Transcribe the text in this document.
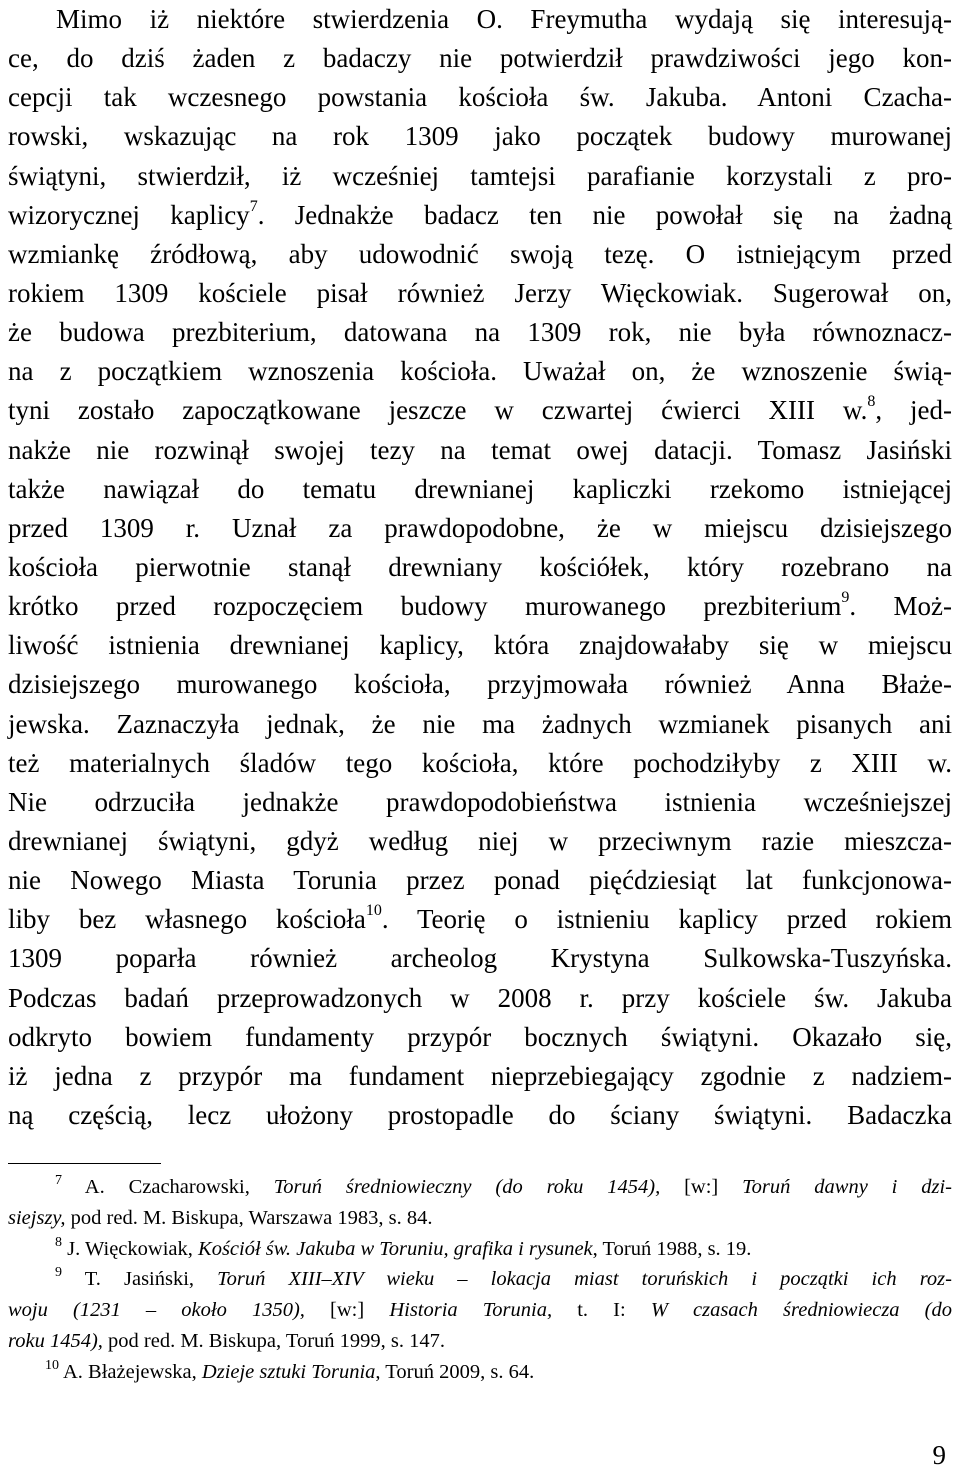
Mimo iż niektóre stwierdzenia O. Freymutha wydają się interesują-
ce, do dziś żaden z badaczy nie potwierdził prawdziwości jego kon-
cepcji tak wczesnego powstania kościoła św. Jakuba. Antoni Czacha-
rowski, wskazując na rok 1309 jako początek budowy murowanej
świątyni, stwierdził, iż wcześniej tamtejsi parafianie korzystali z pro-
wizorycznej kaplicy$^7$. Jednakże badacz ten nie powołał się na żadną
wzmiankę źródłową, aby udowodnić swoją tezę. O istniejącym przed
rokiem 1309 kościele pisał również Jerzy Więckowiak. Sugerował on,
że budowa prezbiterium, datowana na 1309 rok, nie była równoznacz-
na z początkiem wznoszenia kościoła. Uważał on, że wznoszenie świą-
tyni zostało zapoczątkowane jeszcze w czwartej ćwierci XIII w.$^8$, jed-
nakże nie rozwinął swojej tezy na temat owej datacji. Tomasz Jasiński
także nawiązał do tematu drewnianej kapliczki rzekomo istniejącej
przed 1309 r. Uznał za prawdopodobne, że w miejscu dzisiejszego
kościoła pierwotnie stanął drewniany kościółek, który rozebrano na
krótko przed rozpoczęciem budowy murowanego prezbiterium$^9$. Moż-
liwość istnienia drewnianej kaplicy, która znajdowałaby się w miejscu
dzisiejszego murowanego kościoła, przyjmowała również Anna Błaże-
jewska. Zaznaczyła jednak, że nie ma żadnych wzmianek pisanych ani
też materialnych śladów tego kościoła, które pochodziłyby z XIII w.
Nie odrzuciła jednakże prawdopodobieństwa istnienia wcześniejszej
drewnianej świątyni, gdyż według niej w przeciwnym razie mieszcza-
nie Nowego Miasta Torunia przez ponad pięćdziesiąt lat funkcjonowa-
liby bez własnego kościoła$^{10}$. Teorię o istnieniu kaplicy przed rokiem
1309 poparła również archeolog Krystyna Sulkowska-Tuszyńska.
Podczas badań przeprowadzonych w 2008 r. przy kościele św. Jakuba
odkryto bowiem fundamenty przypór bocznych świątyni. Okazało się,
iż jedna z przypór ma fundament nieprzebiegający zgodnie z nadziem-
ną częścią, lecz ułożony prostopadle do ściany świątyni. Badaczka
$^7$ A. Czacharowski, Toruń średniowieczny (do roku 1454), [w:] Toruń dawny i dzi-
siejszy, pod red. M. Biskupa, Warszawa 1983, s. 84.
$^8$ J. Więckowiak, Kościół św. Jakuba w Toruniu, grafika i rysunek, Toruń 1988, s. 19.
$^9$ T. Jasiński, Toruń XIII–XIV wieku – lokacja miast toruńskich i początki ich roz-
woju (1231 – około 1350), [w:] Historia Torunia, t. I: W czasach średniowiecza (do
roku 1454), pod red. M. Biskupa, Toruń 1999, s. 147.
$^{10}$ A. Błażejewska, Dzieje sztuki Torunia, Toruń 2009, s. 64.
9
